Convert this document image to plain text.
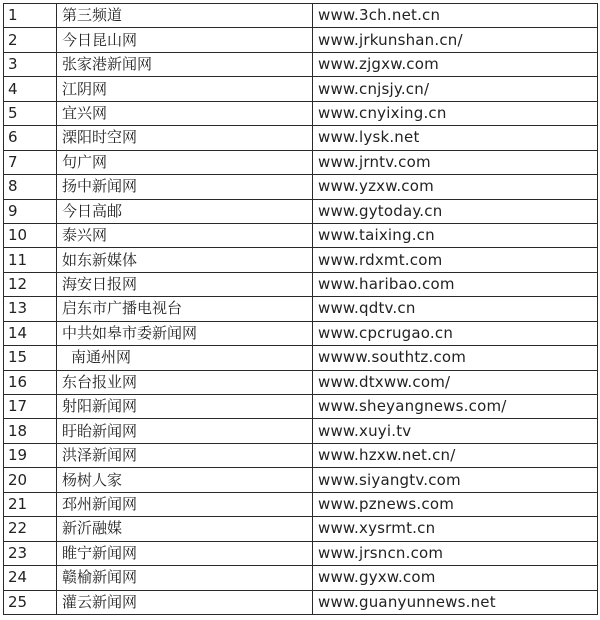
1	第三频道	www.3ch.net.cn
2	今日昆山网	www.jrkunshan.cn/
3	张家港新闻网	www.zjgxw.com
4	江阴网	www.cnjsjy.cn/
5	宜兴网	www.cnyixing.cn
6	溧阳时空网	www.lysk.net
7	句广网	www.jrntv.com
8	扬中新闻网	www.yzxw.com
9	今日高邮	www.gytoday.cn
10	泰兴网	www.taixing.cn
11	如东新媒体	www.rdxmt.com
12	海安日报网	www.haribao.com
13	启东市广播电视台	www.qdtv.cn
14	中共如皋市委新闻网	www.cpcrugao.cn
15	南通州网	wwww.southtz.com
16	东台报业网	www.dtxww.com/
17	射阳新闻网	www.sheyangnews.com/
18	盱眙新闻网	www.xuyi.tv
19	洪泽新闻网	www.hzxw.net.cn/
20	杨树人家	www.siyangtv.com
21	邳州新闻网	www.pznews.com
22	新沂融媒	www.xysrmt.cn
23	睢宁新闻网	www.jrsncn.com
24	赣榆新闻网	www.gyxw.com
25	灌云新闻网	www.guanyunnews.net
